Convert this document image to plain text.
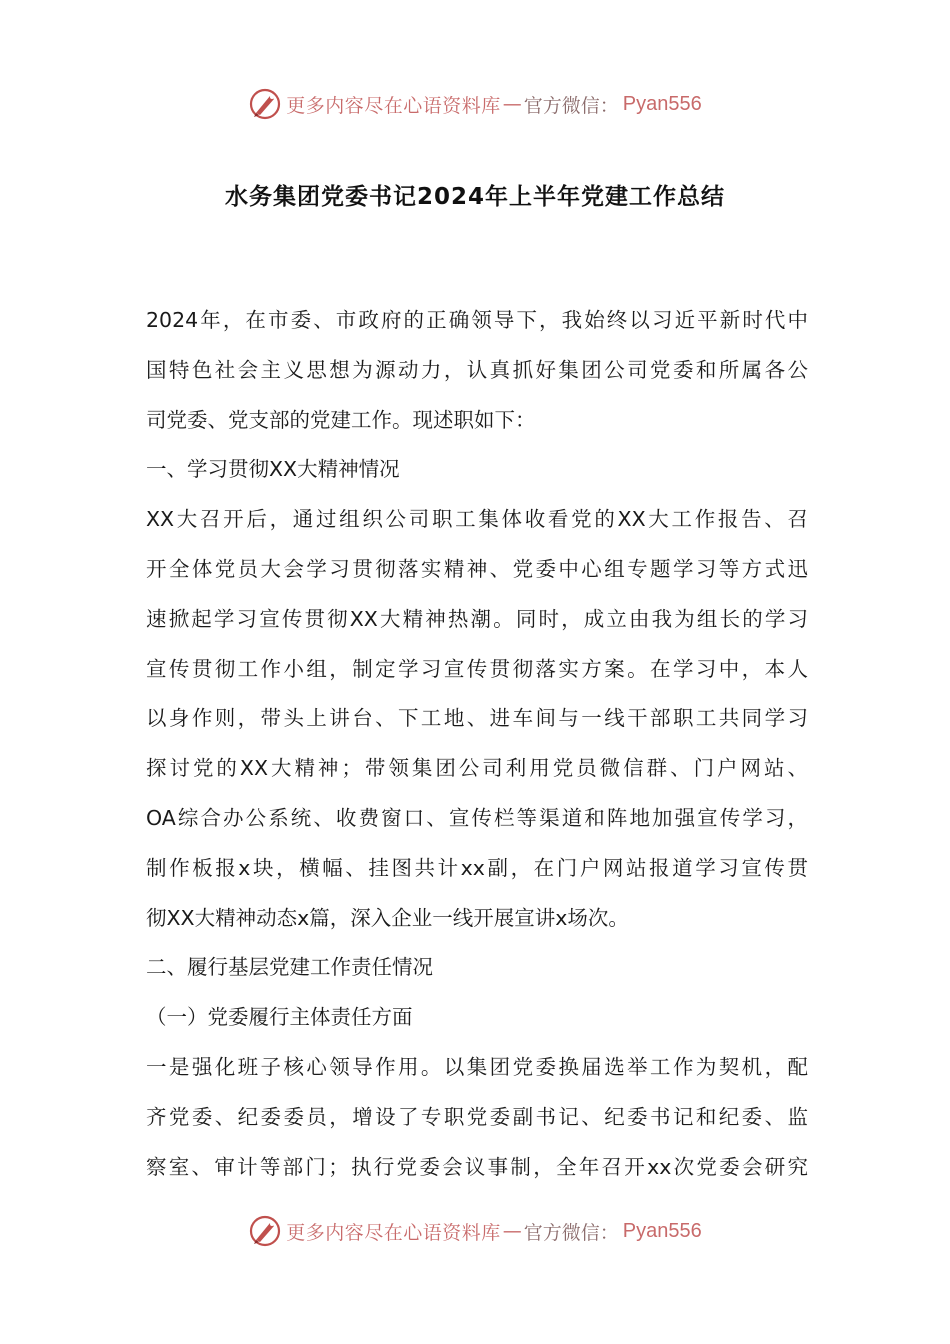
更多内容尽在心语资料库 — 官方微信： Pyan556
水务集团党委书记2024年上半年党建工作总结
2024年，在市委、市政府的正确领导下，我始终以习近平新时代中
国特色社会主义思想为源动力，认真抓好集团公司党委和所属各公
司党委、党支部的党建工作。现述职如下：
一、学习贯彻XX大精神情况
XX大召开后，通过组织公司职工集体收看党的XX大工作报告、召
开全体党员大会学习贯彻落实精神、党委中心组专题学习等方式迅
速掀起学习宣传贯彻XX大精神热潮。同时，成立由我为组长的学习
宣传贯彻工作小组，制定学习宣传贯彻落实方案。在学习中，本人
以身作则，带头上讲台、下工地、进车间与一线干部职工共同学习
探讨党的XX大精神；带领集团公司利用党员微信群、门户网站、
OA综合办公系统、收费窗口、宣传栏等渠道和阵地加强宣传学习，
制作板报x块，横幅、挂图共计xx副，在门户网站报道学习宣传贯
彻XX大精神动态x篇，深入企业一线开展宣讲x场次。
二、履行基层党建工作责任情况
（一）党委履行主体责任方面
一是强化班子核心领导作用。以集团党委换届选举工作为契机，配
齐党委、纪委委员，增设了专职党委副书记、纪委书记和纪委、监
察室、审计等部门；执行党委会议事制，全年召开xx次党委会研究
更多内容尽在心语资料库 — 官方微信： Pyan556
